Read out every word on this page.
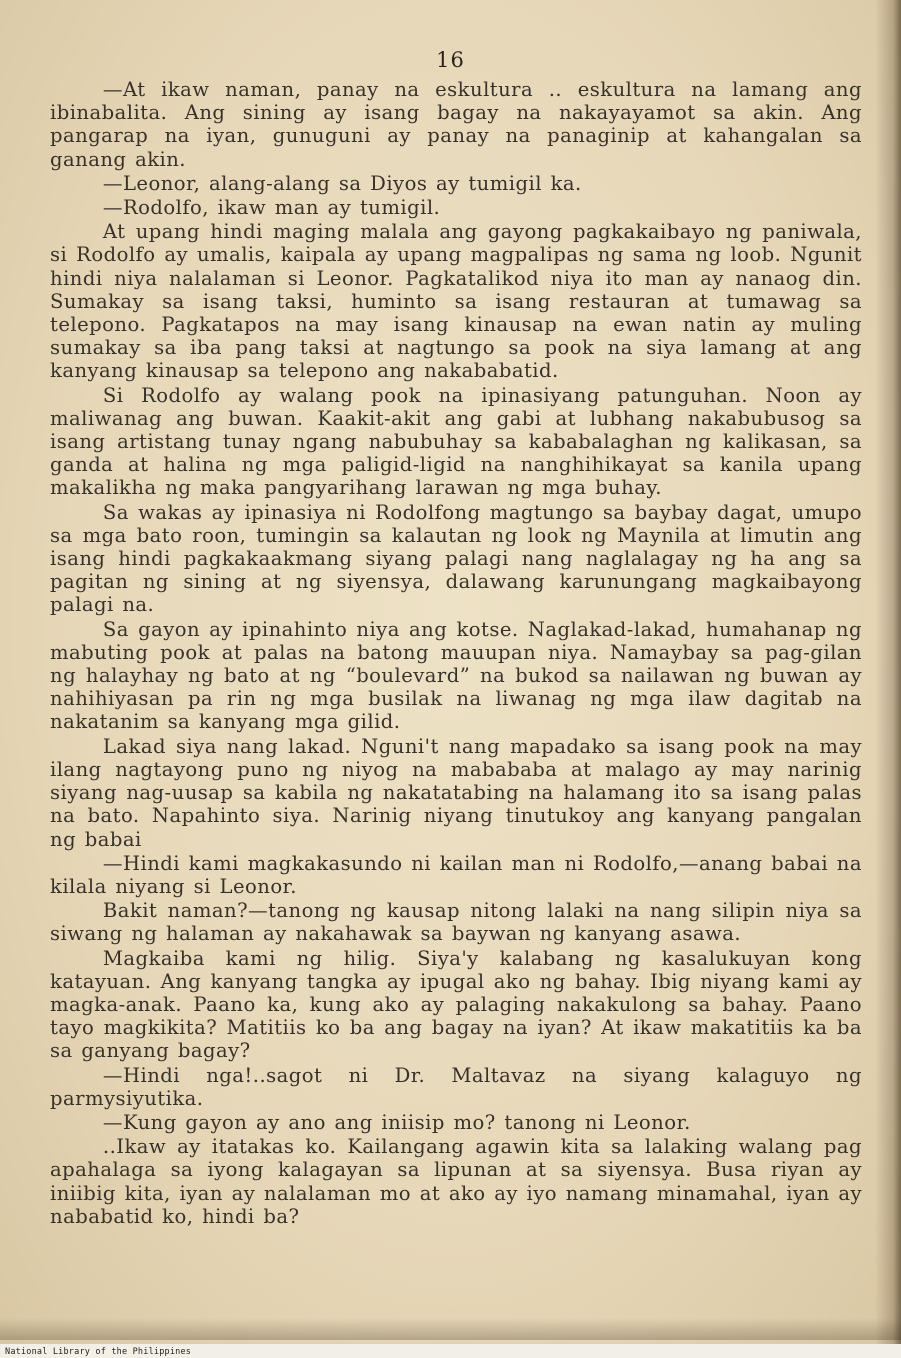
16

—At ikaw naman, panay na eskultura .. eskultura na lamang ang ibinabalita. Ang sining ay isang bagay na nakayayamot sa akin. Ang pangarap na iyan, gunuguni ay panay na panaginip at kahangalan sa ganang akin.

—Leonor, alang-alang sa Diyos ay tumigil ka.

—Rodolfo, ikaw man ay tumigil.

At upang hindi maging malala ang gayong pagkakaibayo ng paniwala, si Rodolfo ay umalis, kaipala ay upang magpalipas ng sama ng loob. Ngunit hindi niya nalalaman si Leonor. Pagkatalikod niya ito man ay nanaog din. Sumakay sa isang taksi, huminto sa isang restauran at tumawag sa telepono. Pagkatapos na may isang kinausap na ewan natin ay muling sumakay sa iba pang taksi at nagtungo sa pook na siya lamang at ang kanyang kinausap sa telepono ang nakababatid.

Si Rodolfo ay walang pook na ipinasiyang patunguhan. Noon ay maliwanag ang buwan. Kaakit-akit ang gabi at lubhang nakabubusog sa isang artistang tunay ngang nabubuhay sa kababalaghan ng kalikasan, sa ganda at halina ng mga paligid-ligid na nanghihikayat sa kanila upang makalikha ng maka pangyarihang larawan ng mga buhay.

Sa wakas ay ipinasiya ni Rodolfong magtungo sa baybay dagat, umupo sa mga bato roon, tumingin sa kalautan ng look ng Maynila at limutin ang isang hindi pagkakaakmang siyang palagi nang naglalagay ng ha ang sa pagitan ng sining at ng siyensya, dalawang karunungang magkaibayong palagi na.

Sa gayon ay ipinahinto niya ang kotse. Naglakad-lakad, humahanap ng mabuting pook at palas na batong mauupan niya. Namaybay sa pag-gilan ng halayhay ng bato at ng “boulevard” na bukod sa nailawan ng buwan ay nahihiyasan pa rin ng mga busilak na liwanag ng mga ilaw dagitab na nakatanim sa kanyang mga gilid.

Lakad siya nang lakad. Nguni't nang mapadako sa isang pook na may ilang nagtayong puno ng niyog na mabababa at malago ay may narinig siyang nag-uusap sa kabila ng nakatatabing na halamang ito sa isang palas na bato. Napahinto siya. Narinig niyang tinutukoy ang kanyang pangalan ng babai

—Hindi kami magkakasundo ni kailan man ni Rodolfo,—anang babai na kilala niyang si Leonor.

Bakit naman?—tanong ng kausap nitong lalaki na nang silipin niya sa siwang ng halaman ay nakahawak sa baywan ng kanyang asawa.

Magkaiba kami ng hilig. Siya'y kalabang ng kasalukuyan kong katayuan. Ang kanyang tangka ay ipugal ako ng bahay. Ibig niyang kami ay magka-anak. Paano ka, kung ako ay palaging nakakulong sa bahay. Paano tayo magkikita? Matitiis ko ba ang bagay na iyan? At ikaw makatitiis ka ba sa ganyang bagay?

—Hindi nga!..sagot ni Dr. Maltavaz na siyang kalaguyo ng parmysiyutika.

—Kung gayon ay ano ang iniisip mo? tanong ni Leonor.

..Ikaw ay itatakas ko. Kailangang agawin kita sa lalaking walang pag apahalaga sa iyong kalagayan sa lipunan at sa siyensya. Busa riyan ay iniibig kita, iyan ay nalalaman mo at ako ay iyo namang minamahal, iyan ay nababatid ko, hindi ba?

National Library of the Philippines
